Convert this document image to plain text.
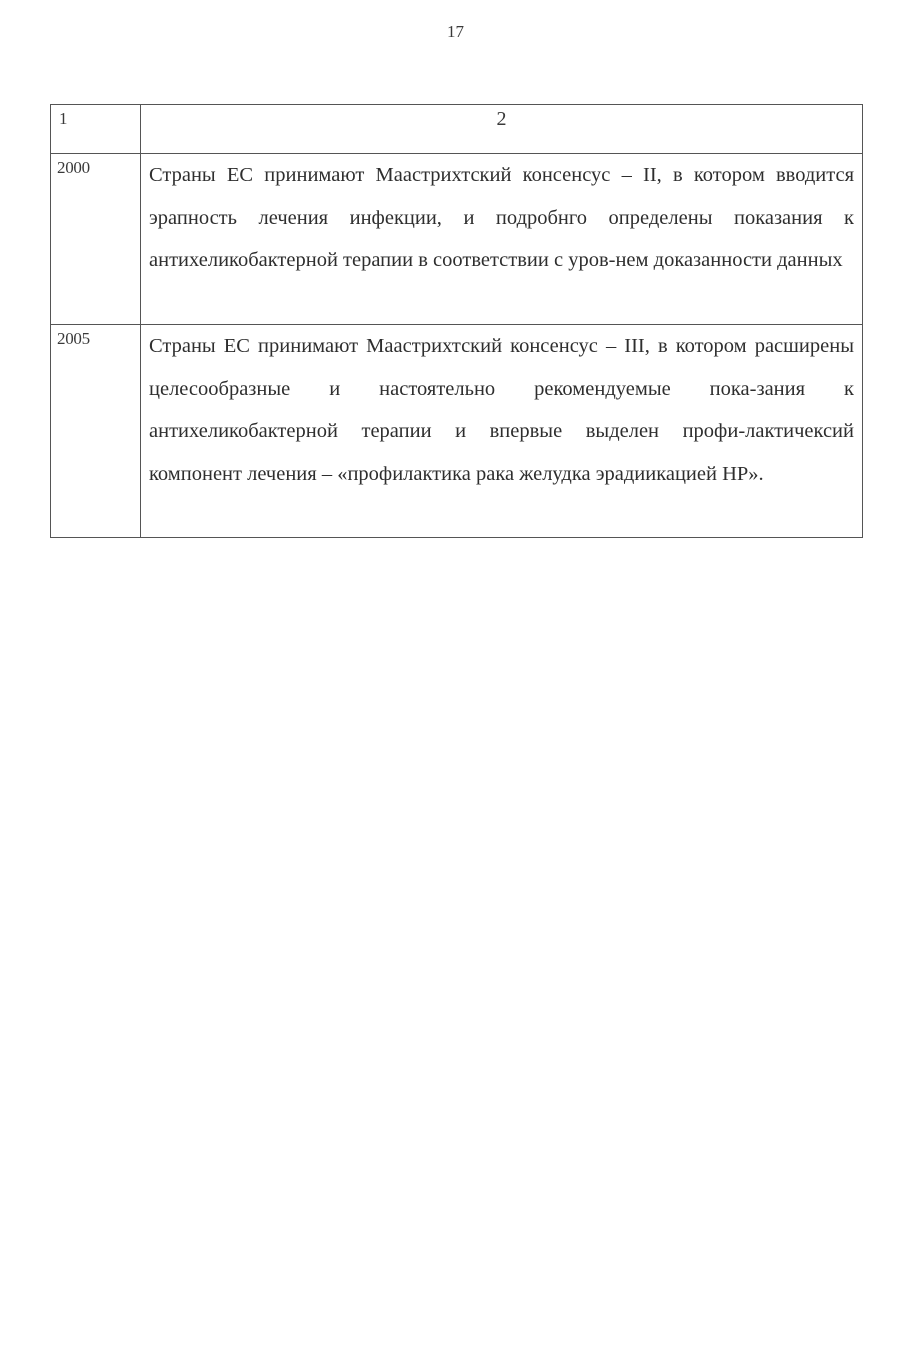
17
1	2
2000	Страны ЕС принимают Маастрихтский консенсус – II, в котором вводится эрапность лечения инфекции, и подробнго определены показания к антихеликобактерной терапии в соответствии с уров-нем доказанности данных

2005	Страны ЕС принимают Маастрихтский консенсус – III, в котором расширены целесообразные и настоятельно рекомендуемые пока-зания к антихеликобактерной терапии и впервые выделен профи-лактичексий компонент лечения – «профилактика рака желудка эрадиикацией HP».
